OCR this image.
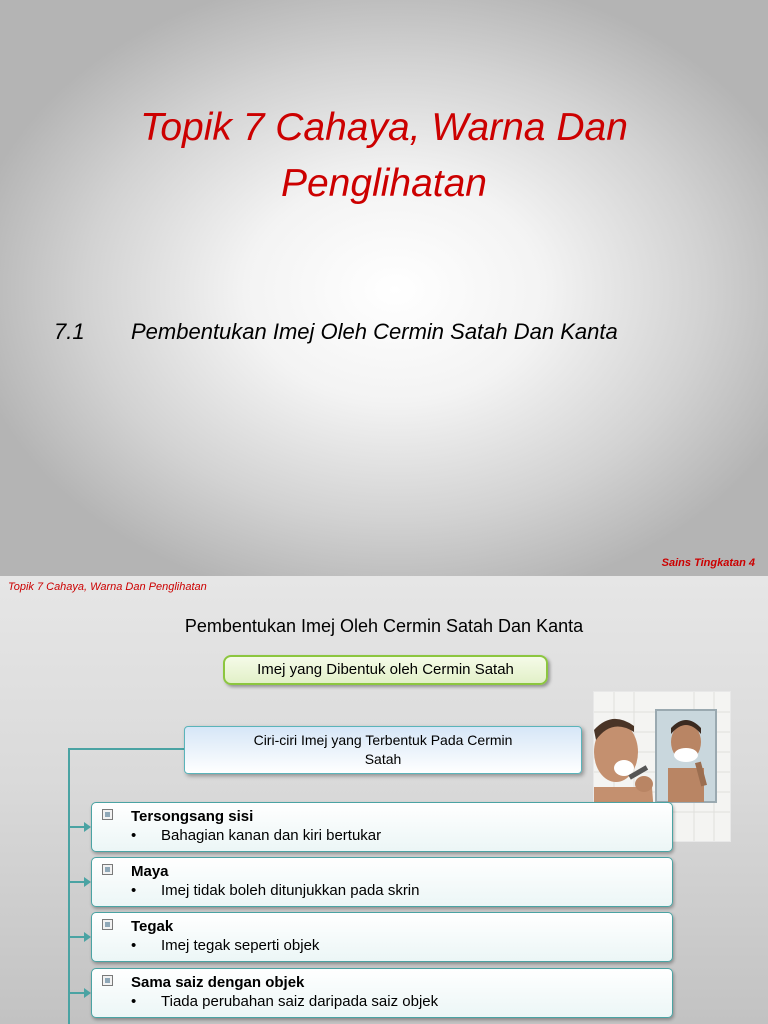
Topik 7 Cahaya, Warna Dan
Penglihatan
7.1 Pembentukan Imej Oleh Cermin Satah Dan Kanta
Sains Tingkatan 4
Topik 7 Cahaya, Warna Dan Penglihatan
Pembentukan Imej Oleh Cermin Satah Dan Kanta
Imej yang Dibentuk oleh Cermin Satah
Ciri-ciri Imej yang Terbentuk Pada Cermin
Satah
Tersongsang sisi
• Bahagian kanan dan kiri bertukar
Maya
• Imej tidak boleh ditunjukkan pada skrin
Tegak
• Imej tegak seperti objek
Sama saiz dengan objek
• Tiada perubahan saiz daripada saiz objek
